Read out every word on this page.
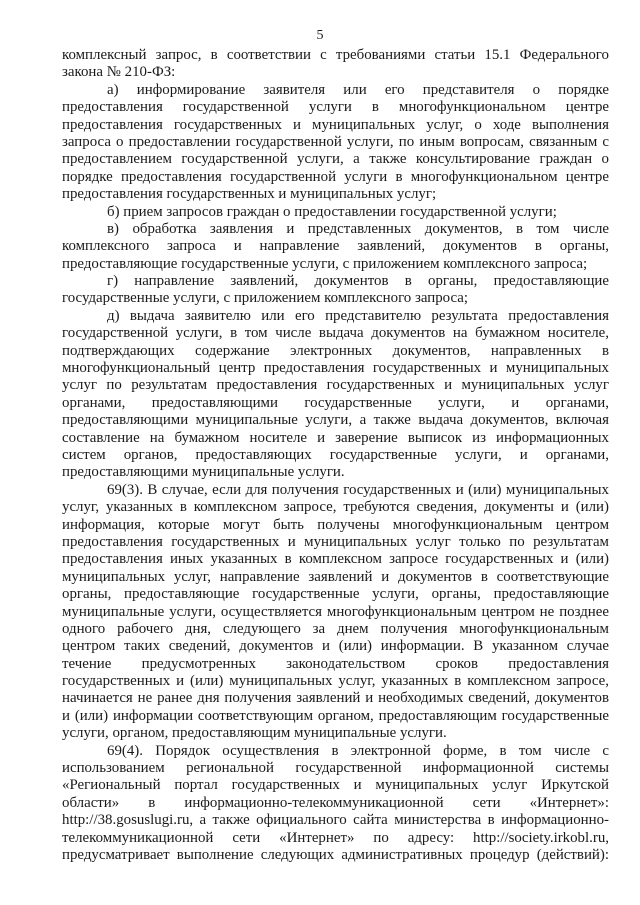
5
комплексный запрос, в соответствии с требованиями статьи 15.1 Федерального
закона № 210-ФЗ:
а) информирование заявителя или его представителя о порядке
предоставления государственной услуги в многофункциональном центре
предоставления государственных и муниципальных услуг, о ходе выполнения
запроса о предоставлении государственной услуги, по иным вопросам, связанным с
предоставлением государственной услуги, а также консультирование граждан о
порядке предоставления государственной услуги в многофункциональном центре
предоставления государственных и муниципальных услуг;
б) прием запросов граждан о предоставлении государственной услуги;
в) обработка заявления и представленных документов, в том числе
комплексного запроса и направление заявлений, документов в органы,
предоставляющие государственные услуги, с приложением комплексного запроса;
г) направление заявлений, документов в органы, предоставляющие
государственные услуги, с приложением комплексного запроса;
д) выдача заявителю или его представителю результата предоставления
государственной услуги, в том числе выдача документов на бумажном носителе,
подтверждающих содержание электронных документов, направленных в
многофункциональный центр предоставления государственных и муниципальных
услуг по результатам предоставления государственных и муниципальных услуг
органами, предоставляющими государственные услуги, и органами,
предоставляющими муниципальные услуги, а также выдача документов, включая
составление на бумажном носителе и заверение выписок из информационных
систем органов, предоставляющих государственные услуги, и органами,
предоставляющими муниципальные услуги.
69(3). В случае, если для получения государственных и (или) муниципальных
услуг, указанных в комплексном запросе, требуются сведения, документы и (или)
информация, которые могут быть получены многофункциональным центром
предоставления государственных и муниципальных услуг только по результатам
предоставления иных указанных в комплексном запросе государственных и (или)
муниципальных услуг, направление заявлений и документов в соответствующие
органы, предоставляющие государственные услуги, органы, предоставляющие
муниципальные услуги, осуществляется многофункциональным центром не позднее
одного рабочего дня, следующего за днем получения многофункциональным
центром таких сведений, документов и (или) информации. В указанном случае
течение предусмотренных законодательством сроков предоставления
государственных и (или) муниципальных услуг, указанных в комплексном запросе,
начинается не ранее дня получения заявлений и необходимых сведений, документов
и (или) информации соответствующим органом, предоставляющим государственные
услуги, органом, предоставляющим муниципальные услуги.
69(4). Порядок осуществления в электронной форме, в том числе с
использованием региональной государственной информационной системы
«Региональный портал государственных и муниципальных услуг Иркутской
области» в информационно-телекоммуникационной сети «Интернет»:
http://38.gosuslugi.ru, а также официального сайта министерства в информационно-
телекоммуникационной сети «Интернет» по адресу: http://society.irkobl.ru,
предусматривает выполнение следующих административных процедур (действий):
